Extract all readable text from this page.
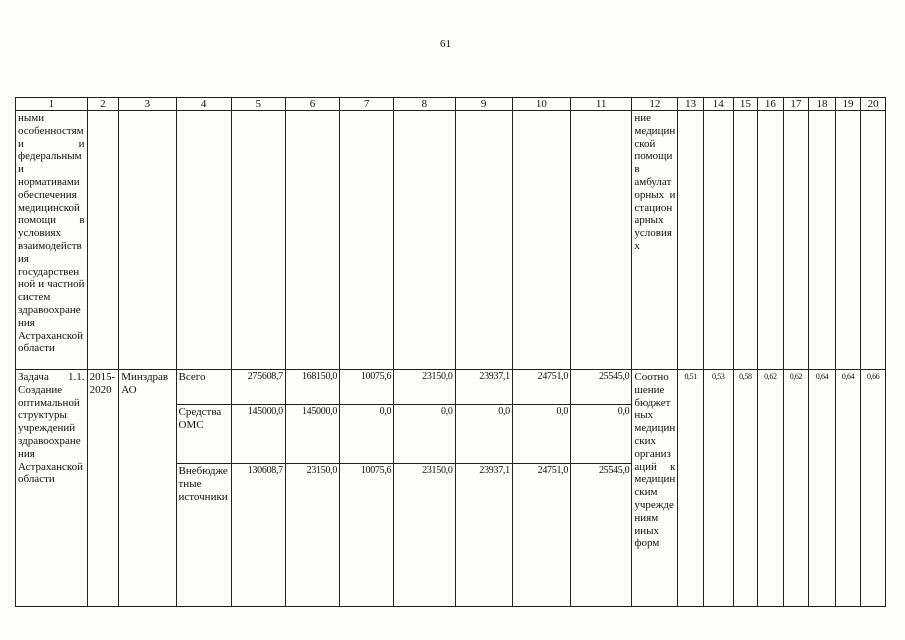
61
1	2	3	4	5	6	7	8	9	10	11	12	13	14	15	16	17	18	19	20
ными особенностями и федеральными нормативами обеспечения медицинской помощи в условиях взаимодействия государственной и частной систем здравоохранения Астраханской области											ние медицинской помощи в амбулаторных и стационарных условиях								
Задача 1.1. Создание оптимальной структуры учреждений здравоохранения Астраханской области	2015-2020	Минздрав АО	Всего	275608,7	168150,0	10075,6	23150,0	23937,1	24751,0	25545,0	Соотношение бюджетных медицинских организаций к медицинским учреждениям иных форм	0,51	0,53	0,58	0,62	0,62	0,64	0,64	0,66
			Средства ОМС	145000,0	145000,0	0,0	0,0	0,0	0,0	0,0									
			Внебюджетные источники	130608,7	23150,0	10075,6	23150,0	23937,1	24751,0	25545,0									
